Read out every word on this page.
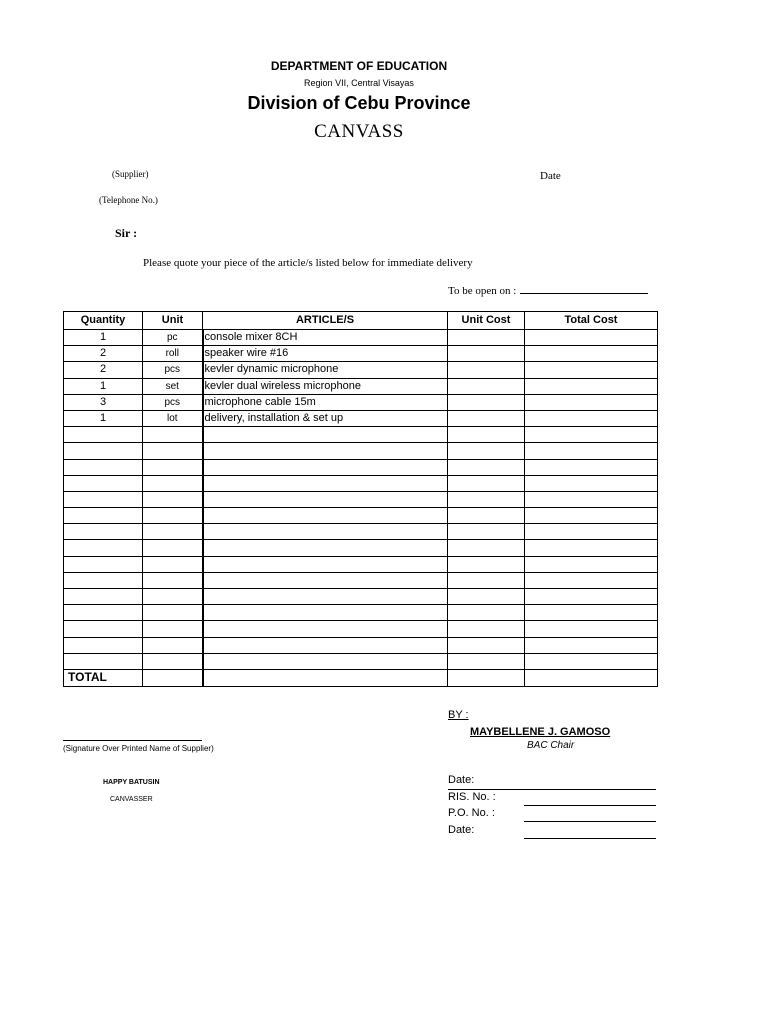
DEPARTMENT OF EDUCATION
Region VII, Central Visayas
Division of Cebu Province
CANVASS
(Supplier)	Date
(Telephone No.)
Sir :
Please quote your piece of the article/s listed below for immediate delivery
To be open on :
Quantity	Unit	ARTICLE/S	Unit Cost	Total Cost
1	pc	console mixer 8CH		
2	roll	speaker wire #16		
2	pcs	kevler dynamic microphone		
1	set	kevler dual wireless microphone		
3	pcs	microphone cable 15m		
1	lot	delivery, installation & set up		

TOTAL				
BY :
MAYBELLENE J. GAMOSO
BAC Chair
(Signature Over Printed Name of Supplier)
HAPPY BATUSIN
CANVASSER
Date:
RIS. No. :
P.O. No. :
Date:
